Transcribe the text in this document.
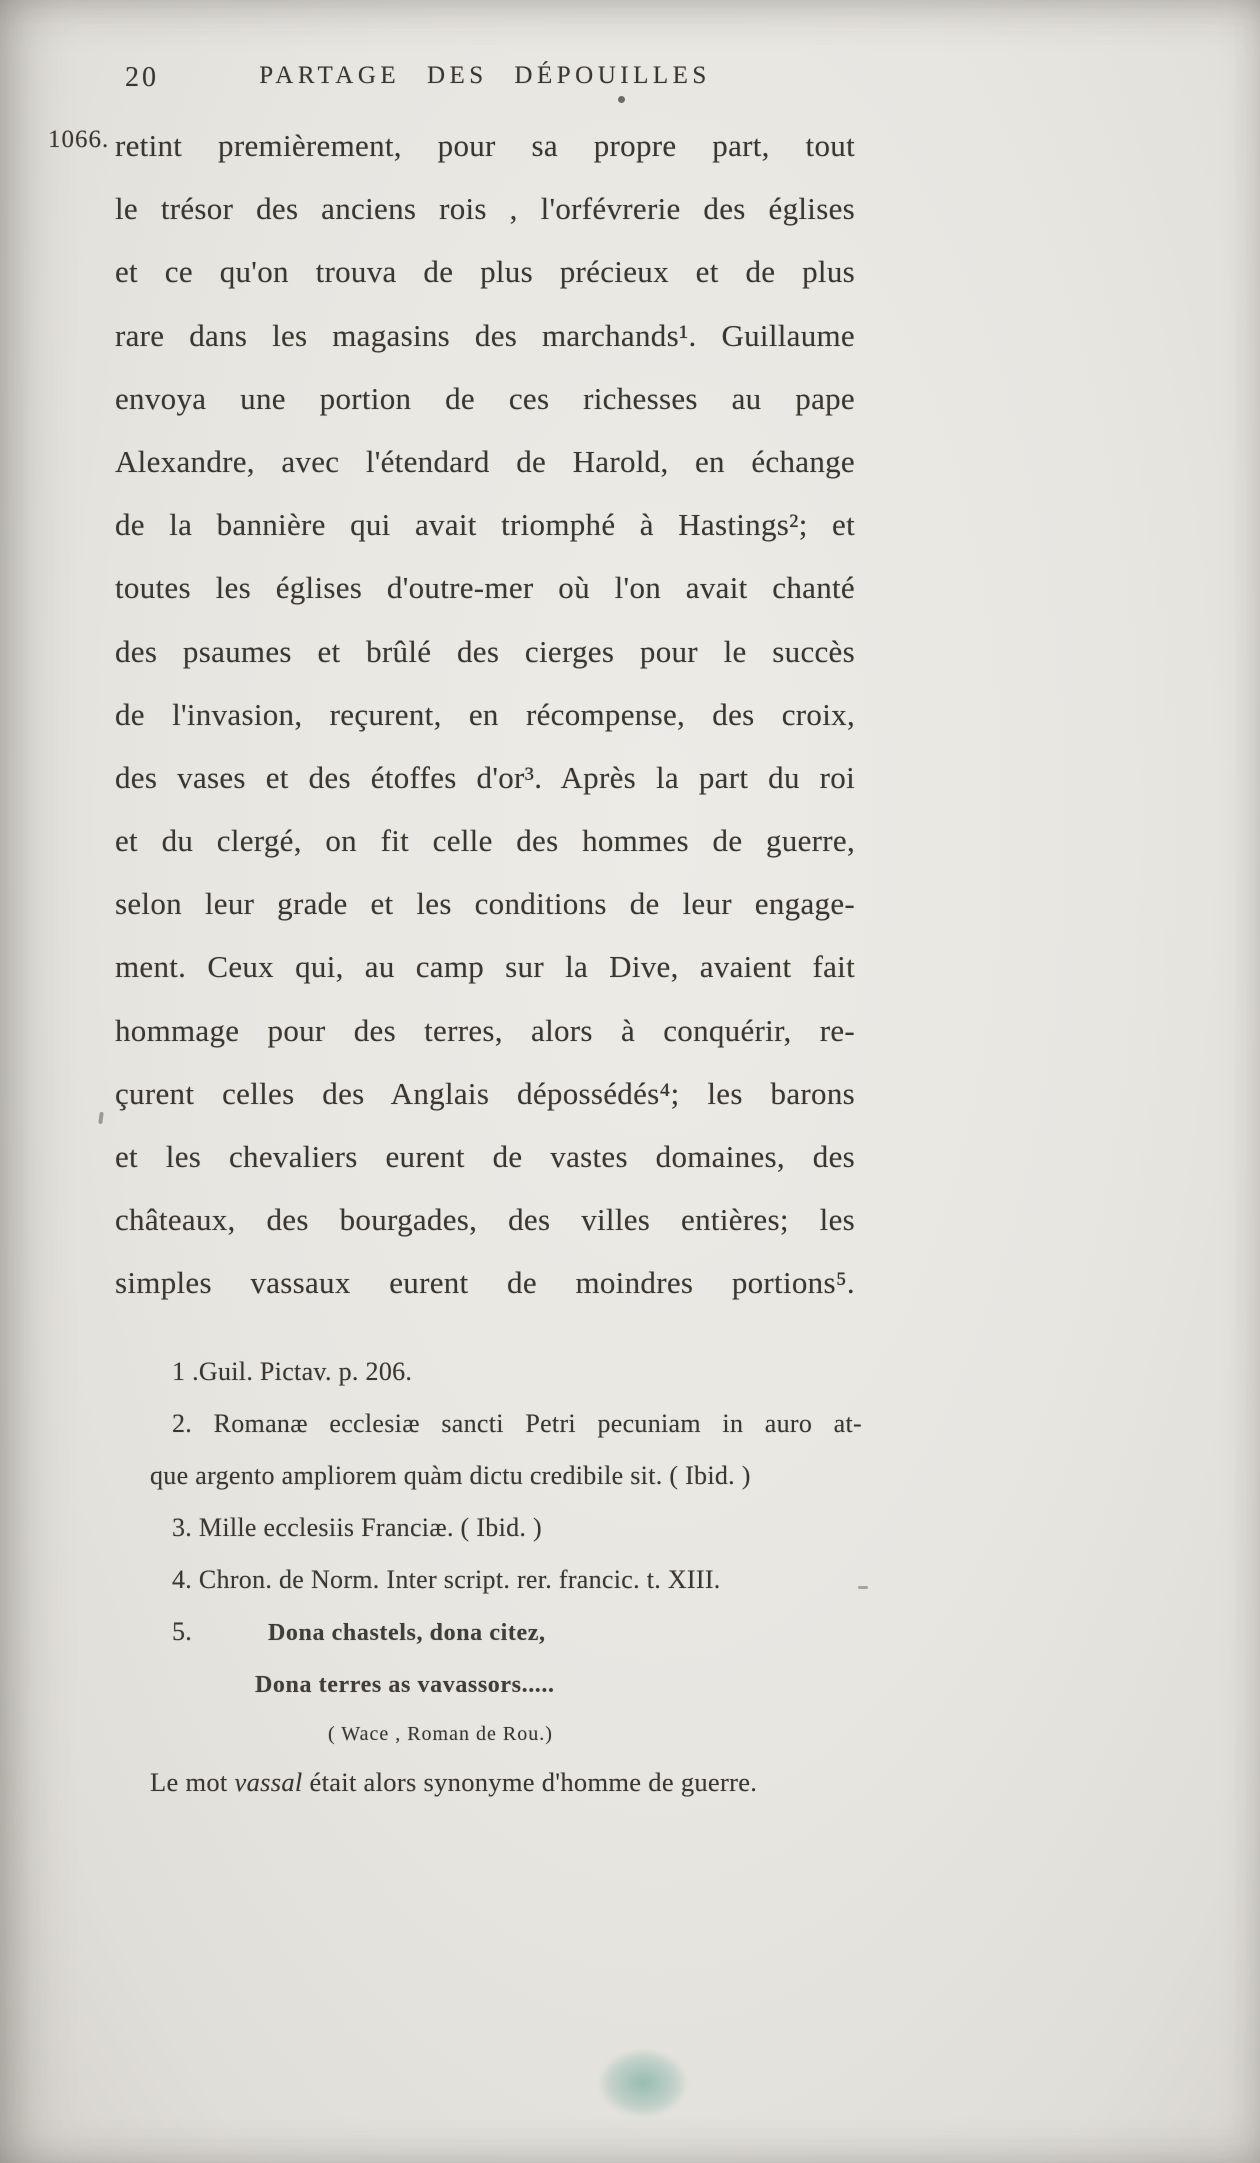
20	PARTAGE DES DÉPOUILLES
1066. retint premièrement, pour sa propre part, tout
le trésor des anciens rois , l'orfévrerie des églises
et ce qu'on trouva de plus précieux et de plus
rare dans les magasins des marchands¹. Guillaume
envoya une portion de ces richesses au pape
Alexandre, avec l'étendard de Harold, en échange
de la bannière qui avait triomphé à Hastings²; et
toutes les églises d'outre-mer où l'on avait chanté
des psaumes et brûlé des cierges pour le succès
de l'invasion, reçurent, en récompense, des croix,
des vases et des étoffes d'or³. Après la part du roi
et du clergé, on fit celle des hommes de guerre,
selon leur grade et les conditions de leur engage-
ment. Ceux qui, au camp sur la Dive, avaient fait
hommage pour des terres, alors à conquérir, re-
çurent celles des Anglais dépossédés⁴; les barons
et les chevaliers eurent de vastes domaines, des
châteaux, des bourgades, des villes entières; les
simples vassaux eurent de moindres portions⁵.
1 .Guil. Pictav. p. 206.
2. Romanæ ecclesiæ sancti Petri pecuniam in auro at-
que argento ampliorem quàm dictu credibile sit. ( Ibid. )
3. Mille ecclesiis Franciæ. ( Ibid. )
4. Chron. de Norm. Inter script. rer. francic. t. XIII.
5.	Dona chastels, dona citez,
Dona terres as vavassors.....
( Wace , Roman de Rou.)
Le mot vassal était alors synonyme d'homme de guerre.
